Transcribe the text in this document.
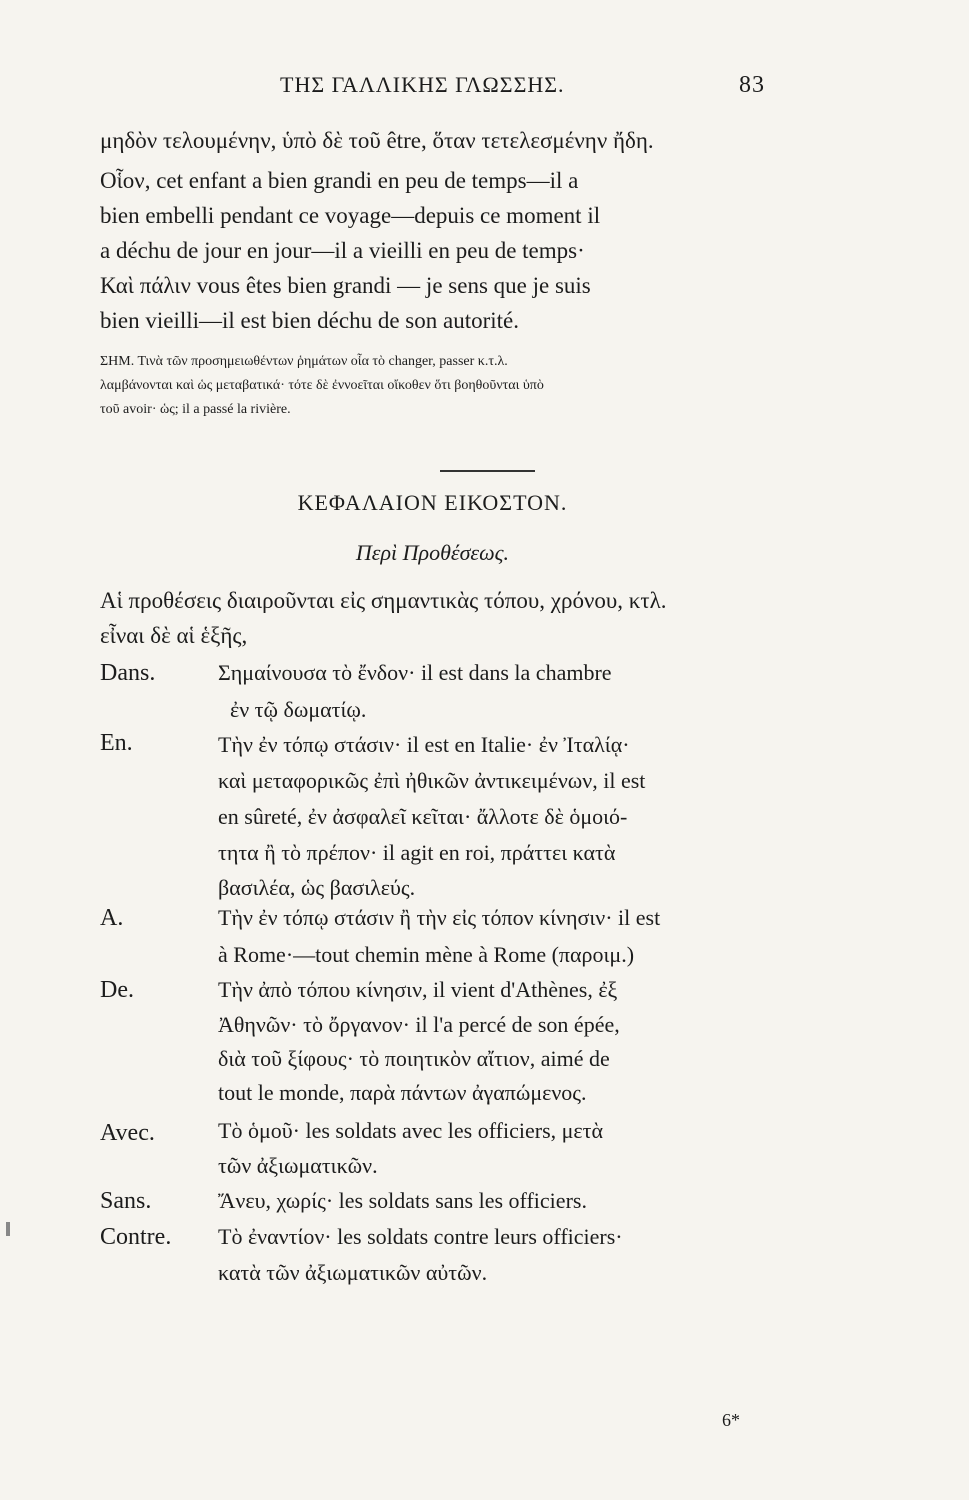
ΤΗΣ ΓΑΛΛΙΚΗΣ ΓΛΩΣΣΗΣ.	83
μηδὸν τελουμένην, ὑπὸ δὲ τοῦ être, ὅταν τετελεσμένην ἤδη.
Οἷον, cet enfant a bien grandi en peu de temps—il a
bien embelli pendant ce voyage—depuis ce moment il
a déchu de jour en jour—il a vieilli en peu de temps·
Καὶ πάλιν vous êtes bien grandi — je sens que je suis
bien vieilli—il est bien déchu de son autorité.
ΣΗΜ. Τινὰ τῶν προσημειωθέντων ῥημάτων οἷα τὸ changer, passer κ.τ.λ.
λαμβάνονται καὶ ὡς μεταβατικά· τότε δὲ ἐννοεῖται οἴκοθεν ὅτι βοηθοῦνται ὑπὸ
τοῦ avoir· ὡς; il a passé la rivière.
ΚΕΦΑΛΑΙΟΝ ΕΙΚΟΣΤΟΝ.
Περὶ Προθέσεως.
Αἱ προθέσεις διαιροῦνται εἰς σημαντικὰς τόπου, χρόνου, κτλ.
εἶναι δὲ αἱ ἑξῆς,
Dans.	Σημαίνουσα τὸ ἔνδον· il est dans la chambre
ἐν τῷ δωματίῳ.
En.	Τὴν ἐν τόπῳ στάσιν· il est en Italie· ἐν Ἰταλίᾳ·
καὶ μεταφορικῶς ἐπὶ ἠθικῶν ἀντικειμένων, il est
en sûreté, ἐν ἀσφαλεῖ κεῖται· ἄλλοτε δὲ ὁμοιό-
τητα ἢ τὸ πρέπον· il agit en roi, πράττει κατὰ
βασιλέα, ὡς βασιλεύς.
A.	Τὴν ἐν τόπῳ στάσιν ἢ τὴν εἰς τόπον κίνησιν· il est
à Rome·—tout chemin mène à Rome (παροιμ.)
De.	Τὴν ἀπὸ τόπου κίνησιν, il vient d'Athènes, ἐξ
Ἀθηνῶν· τὸ ὄργανον· il l'a percé de son épée,
διὰ τοῦ ξίφους· τὸ ποιητικὸν αἴτιον, aimé de
tout le monde, παρὰ πάντων ἀγαπώμενος.
Avec.	Τὸ ὁμοῦ· les soldats avec les officiers, μετὰ
τῶν ἀξιωματικῶν.
Sans.	Ἄνευ, χωρίς· les soldats sans les officiers.
Contre. Τὸ ἐναντίον· les soldats contre leurs officiers·
κατὰ τῶν ἀξιωματικῶν αὐτῶν.
6*
